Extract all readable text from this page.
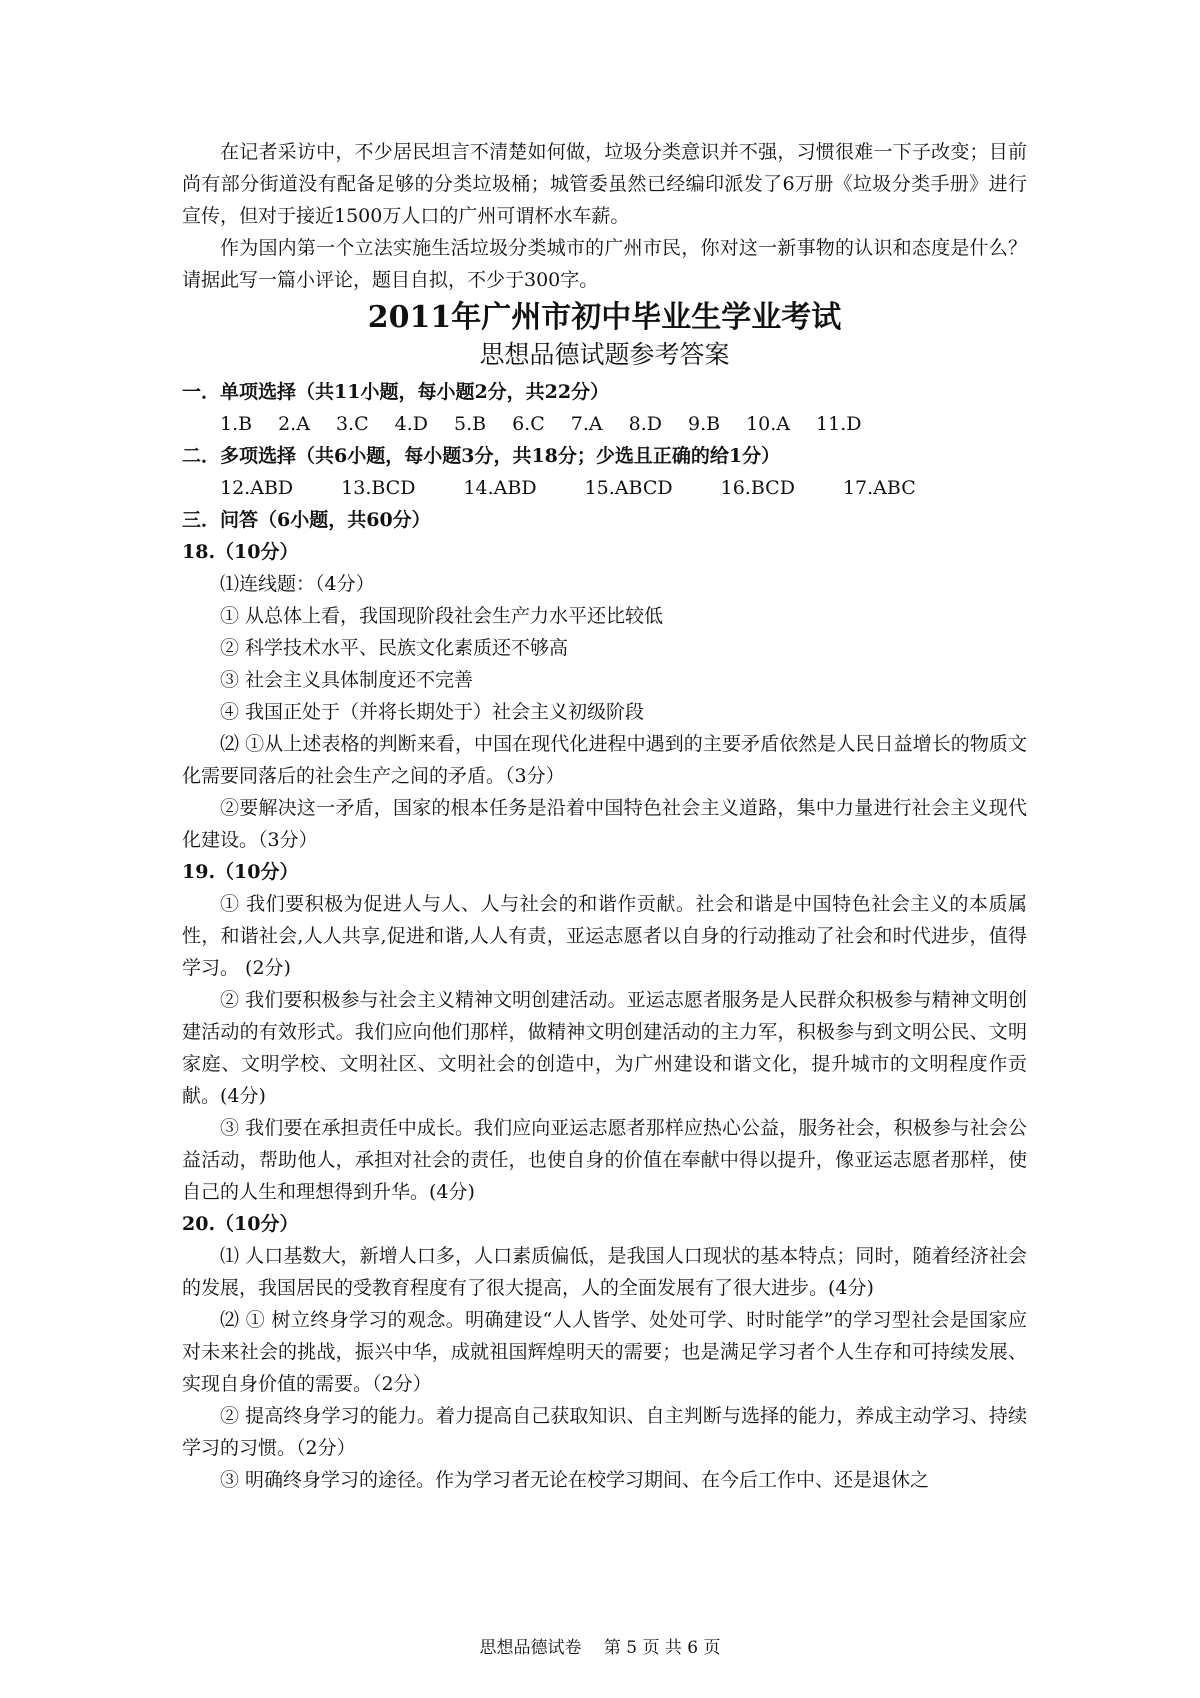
在记者采访中，不少居民坦言不清楚如何做，垃圾分类意识并不强，习惯很难一下子改变；目前尚有部分街道没有配备足够的分类垃圾桶；城管委虽然已经编印派发了6万册《垃圾分类手册》进行宣传，但对于接近1500万人口的广州可谓杯水车薪。

作为国内第一个立法实施生活垃圾分类城市的广州市民，你对这一新事物的认识和态度是什么？请据此写一篇小评论，题目自拟，不少于300字。

2011年广州市初中毕业生学业考试
思想品德试题参考答案

一．单项选择（共11小题，每小题2分，共22分）

1.B 2.A 3.C 4.D 5.B 6.C 7.A 8.D 9.B 10.A 11.D

二．多项选择（共6小题，每小题3分，共18分；少选且正确的给1分）

12.ABD	13.BCD	14.ABD	15.ABCD	16.BCD	17.ABC

三．问答（6小题，共60分）

18.（10分）

⑴连线题：（4分）

① 从总体上看，我国现阶段社会生产力水平还比较低

② 科学技术水平、民族文化素质还不够高

③ 社会主义具体制度还不完善

④ 我国正处于（并将长期处于）社会主义初级阶段

⑵ ①从上述表格的判断来看，中国在现代化进程中遇到的主要矛盾依然是人民日益增长的物质文化需要同落后的社会生产之间的矛盾。（3分）

②要解决这一矛盾，国家的根本任务是沿着中国特色社会主义道路，集中力量进行社会主义现代化建设。（3分）

19.（10分）

① 我们要积极为促进人与人、人与社会的和谐作贡献。社会和谐是中国特色社会主义的本质属性，和谐社会,人人共享,促进和谐,人人有责，亚运志愿者以自身的行动推动了社会和时代进步，值得学习。 (2分)

② 我们要积极参与社会主义精神文明创建活动。亚运志愿者服务是人民群众积极参与精神文明创建活动的有效形式。我们应向他们那样，做精神文明创建活动的主力军，积极参与到文明公民、文明家庭、文明学校、文明社区、文明社会的创造中，为广州建设和谐文化，提升城市的文明程度作贡献。(4分)

③ 我们要在承担责任中成长。我们应向亚运志愿者那样应热心公益，服务社会，积极参与社会公益活动，帮助他人，承担对社会的责任，也使自身的价值在奉献中得以提升，像亚运志愿者那样，使自己的人生和理想得到升华。(4分)

20.（10分）

⑴ 人口基数大，新增人口多，人口素质偏低，是我国人口现状的基本特点；同时，随着经济社会的发展，我国居民的受教育程度有了很大提高，人的全面发展有了很大进步。(4分)

⑵ ① 树立终身学习的观念。明确建设“人人皆学、处处可学、时时能学”的学习型社会是国家应对未来社会的挑战，振兴中华，成就祖国辉煌明天的需要；也是满足学习者个人生存和可持续发展、实现自身价值的需要。（2分）

② 提高终身学习的能力。着力提高自己获取知识、自主判断与选择的能力，养成主动学习、持续学习的习惯。（2分）

③ 明确终身学习的途径。作为学习者无论在校学习期间、在今后工作中、还是退休之

思想品德试卷　 第 5 页 共 6 页
